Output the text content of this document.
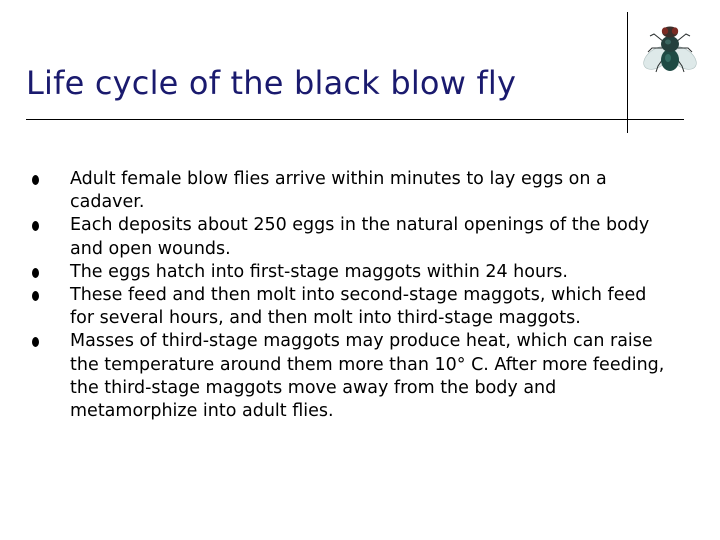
Life cycle of the black blow fly
Adult female blow flies arrive within minutes to lay eggs on a cadaver.
Each deposits about 250 eggs in the natural openings of the body and open wounds.
The eggs hatch into first-stage maggots within 24 hours.
These feed and then molt into second-stage maggots, which feed for several hours, and then molt into third-stage maggots.
Masses of third-stage maggots may produce heat, which can raise the temperature around them more than 10° C. After more feeding, the third-stage maggots move away from the body and metamorphize into adult flies.
